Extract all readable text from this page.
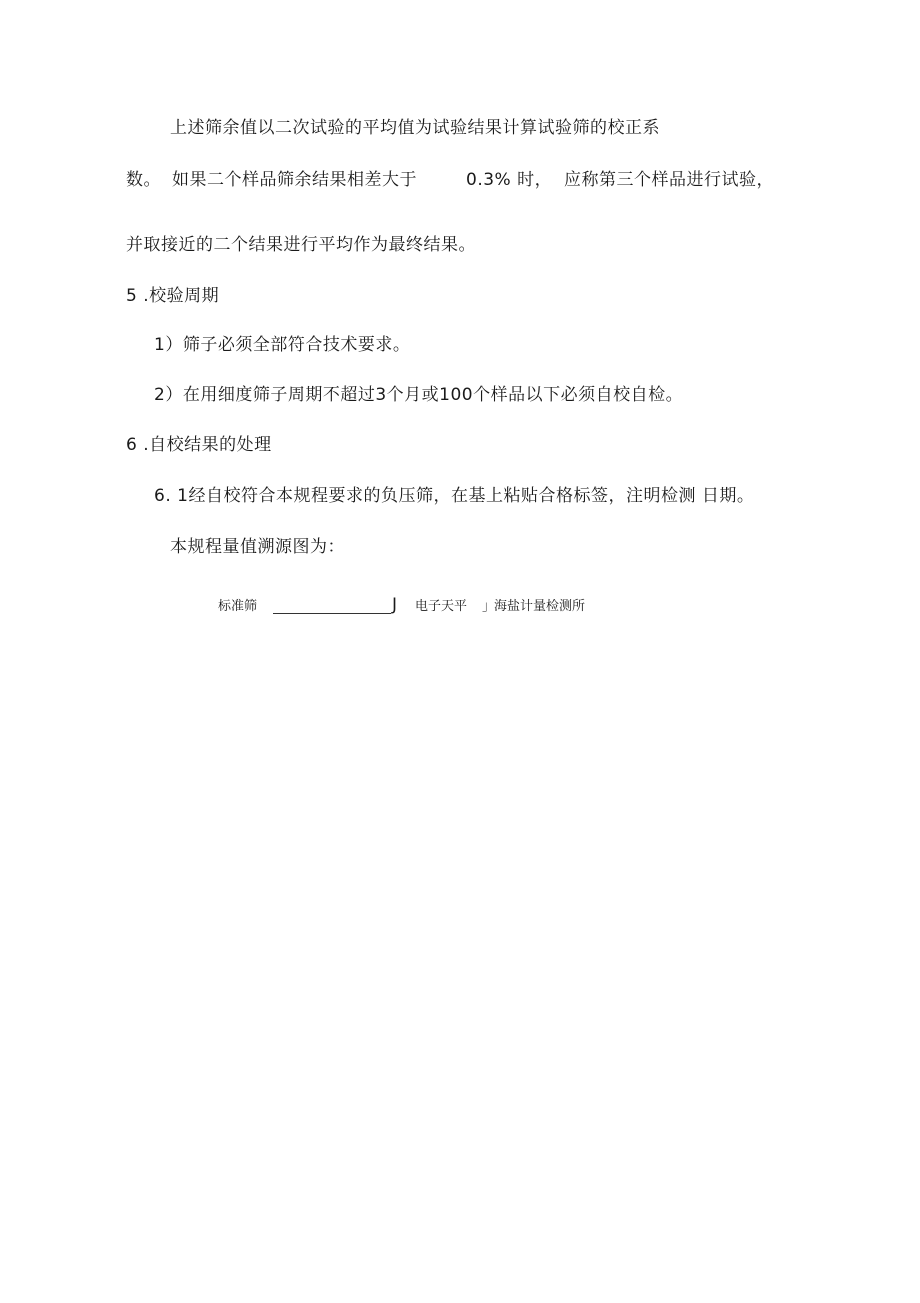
上述筛余值以二次试验的平均值为试验结果计算试验筛的校正系
数。 如果二个样品筛余结果相差大于	0.3% 时， 应称第三个样品进行试验，
并取接近的二个结果进行平均作为最终结果。
5 .校验周期
1）筛子必须全部符合技术要求。
2）在用细度筛子周期不超过3个月或100个样品以下必须自校自检。
6 .自校结果的处理
6. 1经自校符合本规程要求的负压筛，在基上粘贴合格标签，注明检测 日期。
本规程量值溯源图为：
标准筛	J 电子天平 」
海盐计量检测所
